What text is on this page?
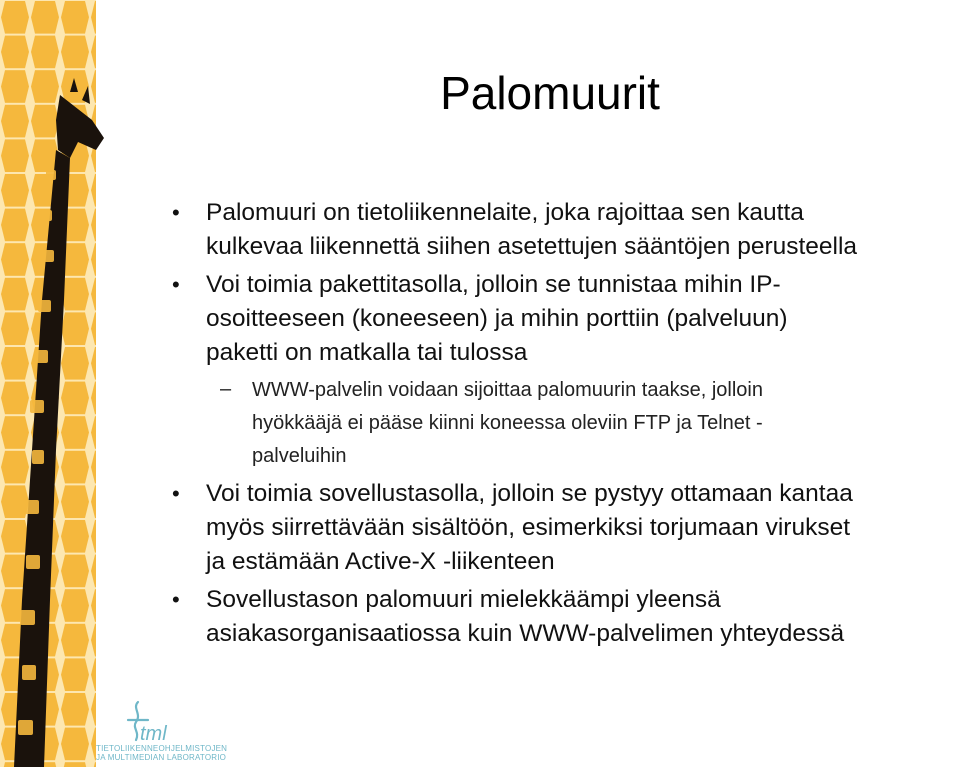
Palomuurit
• Palomuuri on tietoliikennelaite, joka rajoittaa sen kautta
kulkevaa liikennettä siihen asetettujen sääntöjen perusteella
• Voi toimia pakettitasolla, jolloin se tunnistaa mihin IP-
osoitteeseen (koneeseen) ja mihin porttiin (palveluun)
paketti on matkalla tai tulossa
– WWW-palvelin voidaan sijoittaa palomuurin taakse, jolloin
hyökkääjä ei pääse kiinni koneessa oleviin FTP ja Telnet -
palveluihin
• Voi toimia sovellustasolla, jolloin se pystyy ottamaan kantaa
myös siirrettävään sisältöön, esimerkiksi torjumaan virukset
ja estämään Active-X -liikenteen
• Sovellustason palomuuri mielekkäämpi yleensä
asiakasorganisaatiossa kuin WWW-palvelimen yhteydessä
tml
TIETOLIIKENNEOHJELMISTOJEN
JA MULTIMEDIAN LABORATORIO
